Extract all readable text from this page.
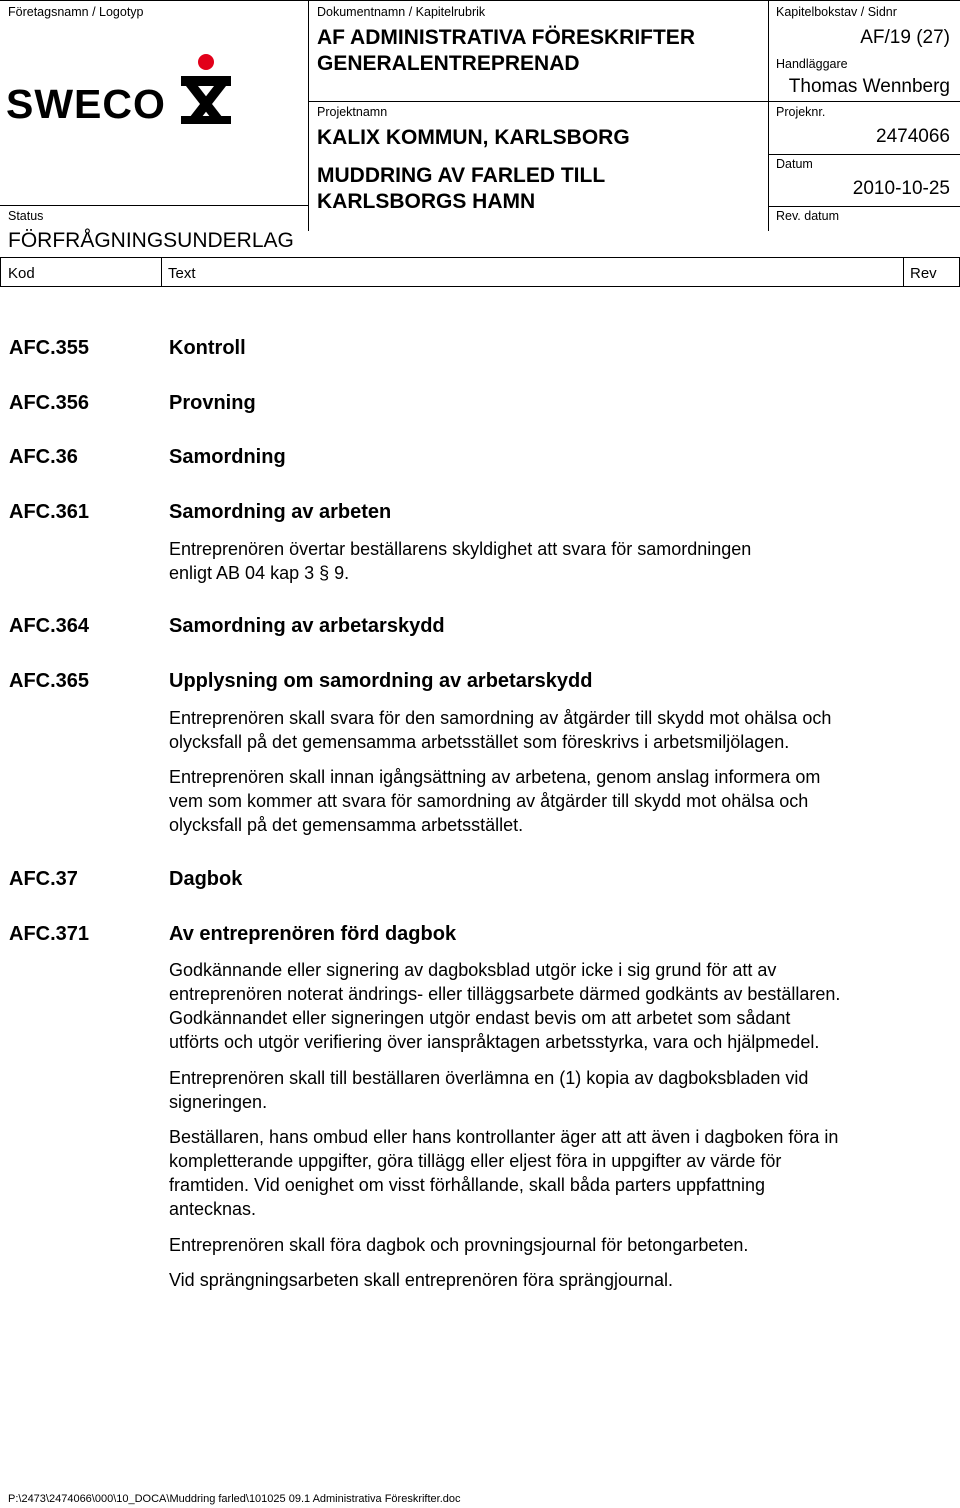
Företagsnamn / Logotyp
SWECO
Status
FÖRFRÅGNINGSUNDERLAG
Dokumentnamn / Kapitelrubrik
AF ADMINISTRATIVA FÖRESKRIFTER
GENERALENTREPRENAD
Projektnamn
KALIX KOMMUN, KARLSBORG
MUDDRING AV FARLED TILL
KARLSBORGS HAMN
Kapitelbokstav / Sidnr
AF/19 (27)
Handläggare
Thomas Wennberg
Projeknr.
2474066
Datum
2010-10-25
Rev. datum
Kod	Text	Rev
AFC.355
AFC.356
AFC.36
AFC.361
AFC.364
AFC.365
AFC.37
AFC.371
Kontroll
Provning
Samordning
Samordning av arbeten
Samordning av arbetarskydd
Upplysning om samordning av arbetarskydd
Dagbok
Av entreprenören förd dagbok
Entreprenören övertar beställarens skyldighet att svara för samordningen
enligt AB 04 kap 3 § 9.
Entreprenören skall svara för den samordning av åtgärder till skydd mot ohälsa och
olycksfall på det gemensamma arbetsstället som föreskrivs i arbetsmiljölagen.
Entreprenören skall innan igångsättning av arbetena, genom anslag informera om
vem som kommer att svara för samordning av åtgärder till skydd mot ohälsa och
olycksfall på det gemensamma arbetsstället.
Godkännande eller signering av dagboksblad utgör icke i sig grund för att av
entreprenören noterat ändrings- eller tilläggsarbete därmed godkänts av beställaren.
Godkännandet eller signeringen utgör endast bevis om att arbetet som sådant
utförts och utgör verifiering över ianspråktagen arbetsstyrka, vara och hjälpmedel.
Entreprenören skall till beställaren överlämna en (1) kopia av dagboksbladen vid
signeringen.
Beställaren, hans ombud eller hans kontrollanter äger att att även i dagboken föra in
kompletterande uppgifter, göra tillägg eller eljest föra in uppgifter av värde för
framtiden. Vid oenighet om visst förhållande, skall båda parters uppfattning
antecknas.
Entreprenören skall föra dagbok och provningsjournal för betongarbeten.
Vid sprängningsarbeten skall entreprenören föra sprängjournal.
P:\2473\2474066\000\10_DOCA\Muddring farled\101025 09.1 Administrativa Föreskrifter.doc
